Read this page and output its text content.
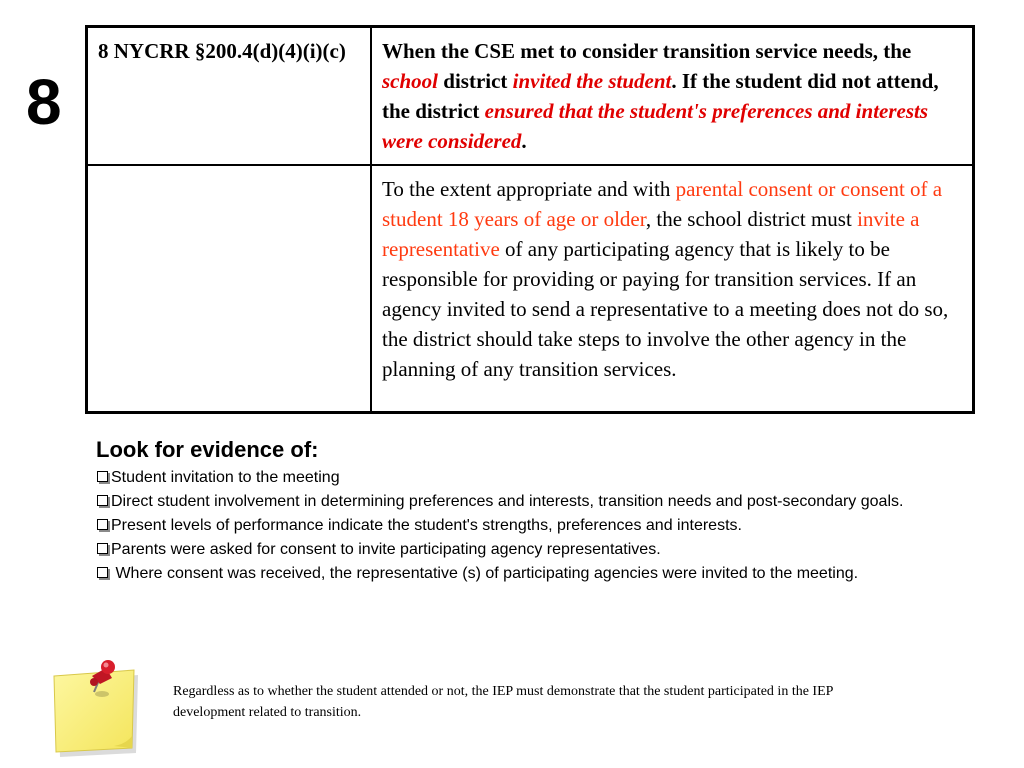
8
8 NYCRR §200.4(d)(4)(i)(c)	When the CSE met to consider transition service needs, the school district invited the student. If the student did not attend, the district ensured that the student's preferences and interests were considered.
	To the extent appropriate and with parental consent or consent of a student 18 years of age or older, the school district must invite a representative of any participating agency that is likely to be responsible for providing or paying for transition services. If an agency invited to send a representative to a meeting does not do so, the district should take steps to involve the other agency in the planning of any transition services.
Look for evidence of:
Student invitation to the meeting
Direct student involvement in determining preferences and interests, transition needs and post-secondary goals.
Present levels of performance indicate the student's strengths, preferences and interests.
Parents were asked for consent to invite participating agency representatives.
Where consent was received, the representative (s) of participating agencies were invited to the meeting.
Regardless as to whether the student attended or not, the IEP must demonstrate that the student participated in the IEP development related to transition.
